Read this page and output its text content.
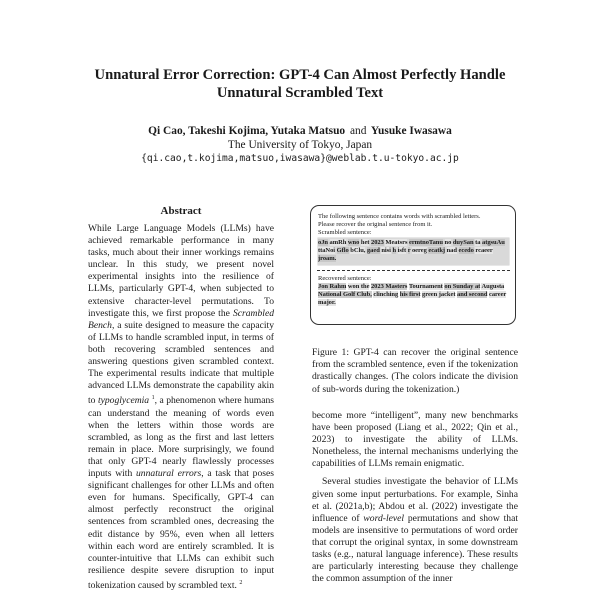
Unnatural Error Correction: GPT-4 Can Almost Perfectly Handle
Unnatural Scrambled Text
Qi Cao, Takeshi Kojima, Yutaka Matsuo and Yusuke Iwasawa
The University of Tokyo, Japan
{qi.cao,t.kojima,matsuo,iwasawa}@weblab.t.u-tokyo.ac.jp
Abstract

While Large Language Models (LLMs) have achieved remarkable performance in many tasks, much about their inner workings remains unclear. In this study, we present novel experimental insights into the resilience of LLMs, particularly GPT-4, when subjected to extensive character-level permutations. To investigate this, we first propose the Scrambled Bench, a suite designed to measure the capacity of LLMs to handle scrambled input, in terms of both recovering scrambled sentences and answering questions given scrambled context. The experimental results indicate that multiple advanced LLMs demonstrate the capability akin to typoglycemia $^1$, a phenomenon where humans can understand the meaning of words even when the letters within those words are scrambled, as long as the first and last letters remain in place. More surprisingly, we found that only GPT-4 nearly flawlessly processes inputs with unnatural errors, a task that poses significant challenges for other LLMs and often even for humans. Specifically, GPT-4 can almost perfectly reconstruct the original sentences from scrambled ones, decreasing the edit distance by 95%, even when all letters within each word are entirely scrambled. It is counter-intuitive that LLMs can exhibit such resilience despite severe disruption to input tokenization caused by scrambled text. $^2$

The following sentence contains words with scrambled letters.
Please recover the original sentence from it.
Scrambled sentence:
oJn amRh wno het 2023 Meatsrs ermtnoTanu no duySan ta atgsuAu ttaNoi Gflo bClu, gaed nisi h isft r oereg ecatkj nad ecedo rcaeer jroam.
Recovered sentence:
Jon Rahm won the 2023 Masters Tournament on Sunday at Augusta National Golf Club, clinching his first green jacket and second career major.
Figure 1: GPT-4 can recover the original sentence from the scrambled sentence, even if the tokenization drastically changes. (The colors indicate the division of sub-words during the tokenization.)

become more “intelligent”, many new benchmarks have been proposed (Liang et al., 2022; Qin et al., 2023) to investigate the ability of LLMs. Nonetheless, the internal mechanisms underlying the capabilities of LLMs remain enigmatic.

Several studies investigate the behavior of LLMs given some input perturbations. For example, Sinha et al. (2021a,b); Abdou et al. (2022) investigate the influence of word-level permutations and show that models are insensitive to permutations of word order that corrupt the original syntax, in some downstream tasks (e.g., natural language inference). These results are particularly interesting because they challenge the common assumption of the inner
